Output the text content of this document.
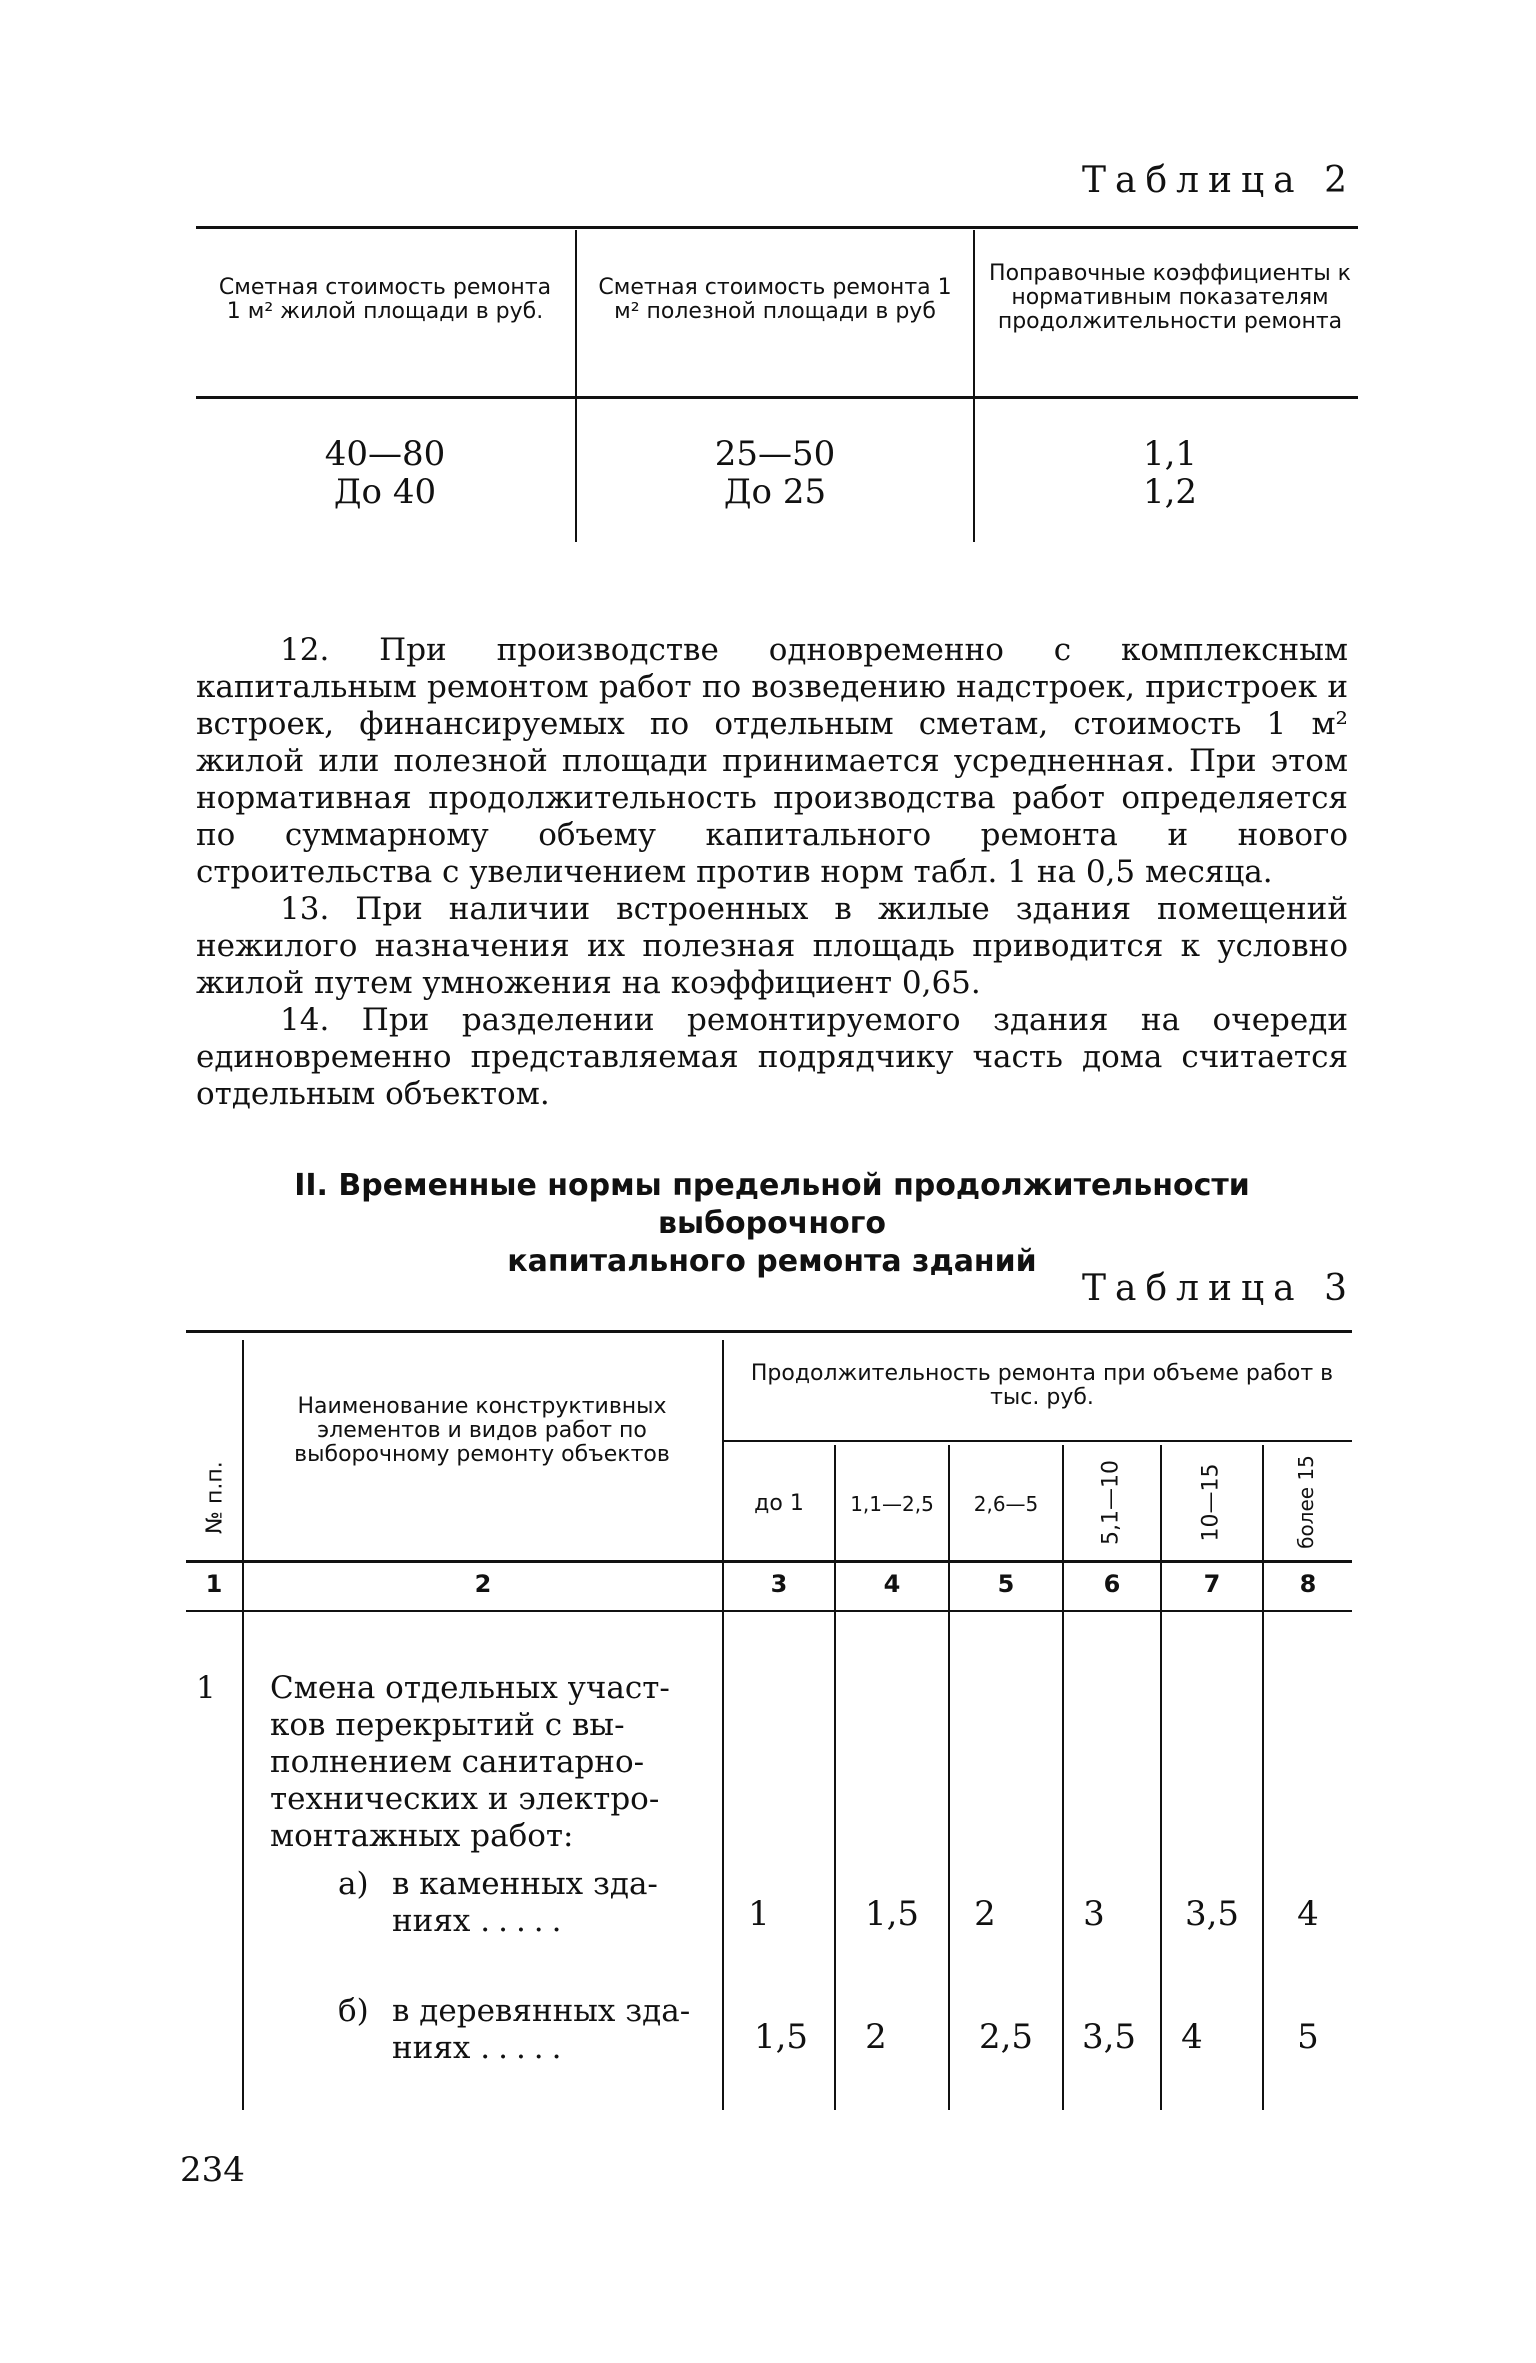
Таблица 2
Сметная стоимость ремонта 1 м² жилой площади в руб.
Сметная стоимость ремонта 1 м² полезной площади в руб
Поправочные коэффициенты к нормативным показателям продолжительности ремонта
40—80	25—50	1,1
До 40	До 25	1,2

12. При производстве одновременно с комплексным капитальным ремонтом работ по возведению надстроек, пристроек и встроек, финансируемых по отдельным сметам, стоимость 1 м² жилой или полезной площади принимается усредненная. При этом нормативная продолжительность производства работ определяется по суммарному объему капитального ремонта и нового строительства с увеличением против норм табл. 1 на 0,5 месяца.

13. При наличии встроенных в жилые здания помещений нежилого назначения их полезная площадь приводится к условно жилой путем умножения на коэффициент 0,65.

14. При разделении ремонтируемого здания на очереди единовременно представляемая подрядчику часть дома считается отдельным объектом.

II. Временные нормы предельной продолжительности выборочного
капитального ремонта зданий
Таблица 3
№ п.п.
Наименование конструктивных элементов и видов работ по выборочному ремонту объектов
Продолжительность ремонта при объеме работ в тыс. руб.
до 1	1,1—2,5	2,6—5	5,1—10	10—15	более 15
1	2	3	4	5	6	7	8
1 Смена отдельных участ-
ков перекрытий с вы-
полнением санитарно-
технических и электро-
монтажных работ:
а) в каменных зда-
ниях .....	1	1,5	2	3	3,5	4
б) в деревянных зда-
ниях .....	1,5	2	2,5	3,5	4	5
234
